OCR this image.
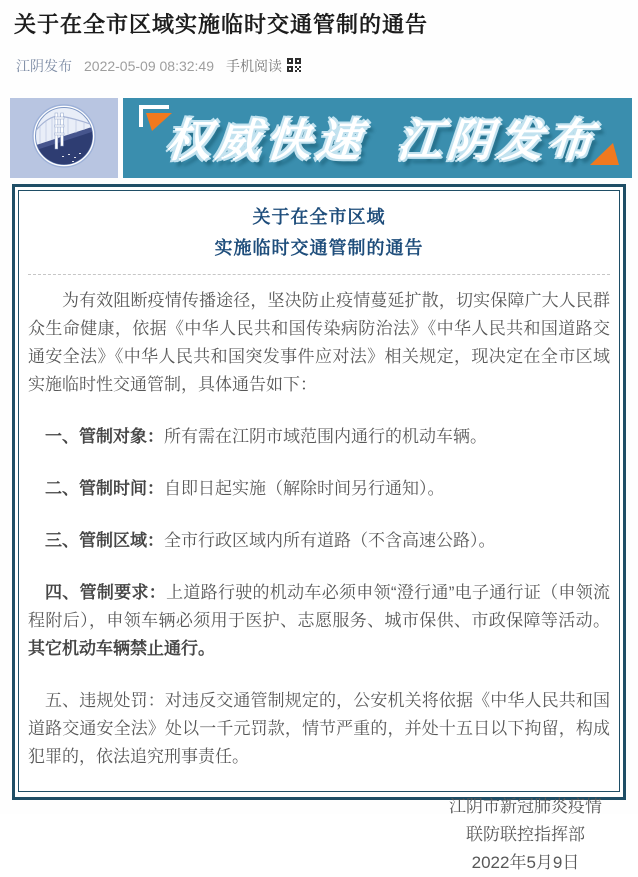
关于在全市区域实施临时交通管制的通告
江阴发布 2022-05-09 08:32:49 手机阅读
权威快速 江阴发布
关于在全市区域
实施临时交通管制的通告

为有效阻断疫情传播途径，坚决防止疫情蔓延扩散，切实保障广大人民群众生命健康，依据《中华人民共和国传染病防治法》《中华人民共和国道路交通安全法》《中华人民共和国突发事件应对法》相关规定，现决定在全市区域实施临时性交通管制，具体通告如下：

一、管制对象：所有需在江阴市域范围内通行的机动车辆。

二、管制时间：自即日起实施（解除时间另行通知）。

三、管制区域：全市行政区域内所有道路（不含高速公路）。

四、管制要求：上道路行驶的机动车必须申领“澄行通”电子通行证（申领流程附后），申领车辆必须用于医护、志愿服务、城市保供、市政保障等活动。其它机动车辆禁止通行。

五、违规处罚：对违反交通管制规定的，公安机关将依据《中华人民共和国道路交通安全法》处以一千元罚款，情节严重的，并处十五日以下拘留，构成犯罪的，依法追究刑事责任。

江阴市新冠肺炎疫情
联防联控指挥部
2022年5月9日
